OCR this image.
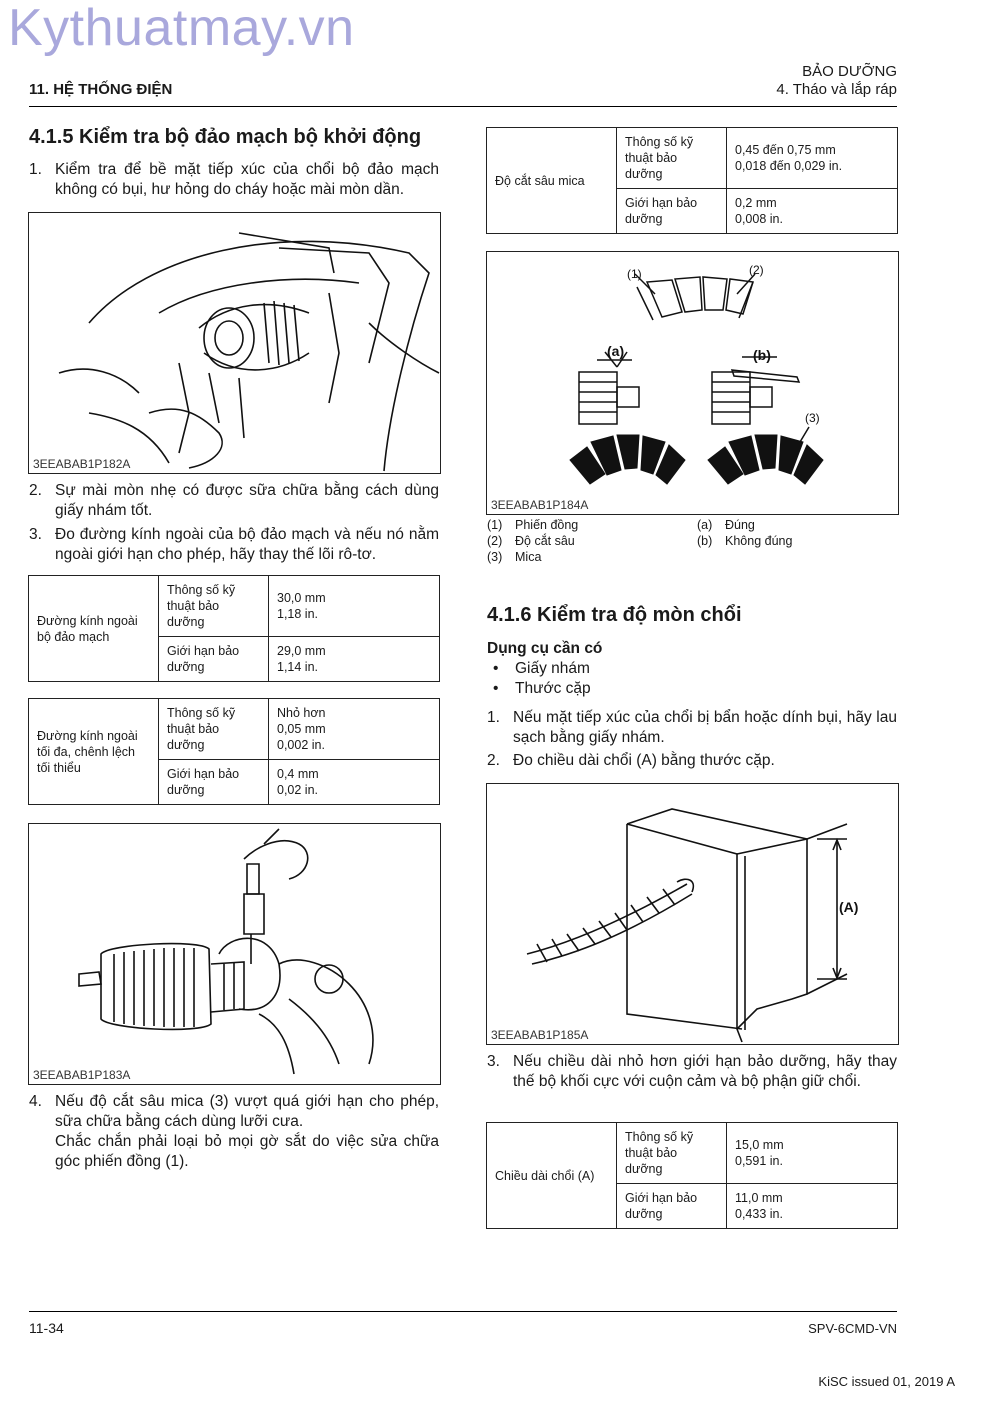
Kythuatmay.vn
11. HỆ THỐNG ĐIỆN
BẢO DƯỠNG
4. Tháo và lắp ráp
4.1.5 Kiểm tra bộ đảo mạch bộ khởi động
1. Kiểm tra để bề mặt tiếp xúc của chổi bộ đảo mạch không có bụi, hư hỏng do cháy hoặc mài mòn dần.
3EEABAB1P182A
2. Sự mài mòn nhẹ có được sữa chữa bằng cách dùng giấy nhám tốt.
3. Đo đường kính ngoài của bộ đảo mạch và nếu nó nằm ngoài giới hạn cho phép, hãy thay thế lõi rô-tơ.
Đường kính ngoài bộ đảo mạch	Thông số kỹ thuật bảo dưỡng	30,0 mm
1,18 in.
	Giới hạn bảo dưỡng	29,0 mm
1,14 in.
Đường kính ngoài tối đa, chênh lệch tối thiểu	Thông số kỹ thuật bảo dưỡng	Nhỏ hơn
0,05 mm
0,002 in.
	Giới hạn bảo dưỡng	0,4 mm
0,02 in.
3EEABAB1P183A
4. Nếu độ cắt sâu mica (3) vượt quá giới hạn cho phép, sữa chữa bằng cách dùng lưỡi cưa.
Chắc chắn phải loại bỏ mọi gờ sắt do việc sửa chữa góc phiến đồng (1).
Độ cắt sâu mica	Thông số kỹ thuật bảo dưỡng	0,45 đến 0,75 mm
0,018 đến 0,029 in.
	Giới hạn bảo dưỡng	0,2 mm
0,008 in.
(1)	(2)
(3)
(a)	(b)
3EEABAB1P184A
(1) Phiến đồng
(2) Độ cắt sâu
(3) Mica
(a) Đúng
(b) Không đúng
4.1.6 Kiểm tra độ mòn chổi
Dụng cụ cần có
• Giấy nhám
• Thước cặp
1. Nếu mặt tiếp xúc của chổi bị bẩn hoặc dính bụi, hãy lau sạch bằng giấy nhám.
2. Đo chiều dài chổi (A) bằng thước cặp.
(A)
3EEABAB1P185A
3. Nếu chiều dài nhỏ hơn giới hạn bảo dưỡng, hãy thay thế bộ khối cực với cuộn cảm và bộ phận giữ chổi.
Chiều dài chổi (A)	Thông số kỹ thuật bảo dưỡng	15,0 mm
0,591 in.
	Giới hạn bảo dưỡng	11,0 mm
0,433 in.
11-34	SPV-6CMD-VN
KiSC issued 01, 2019 A
